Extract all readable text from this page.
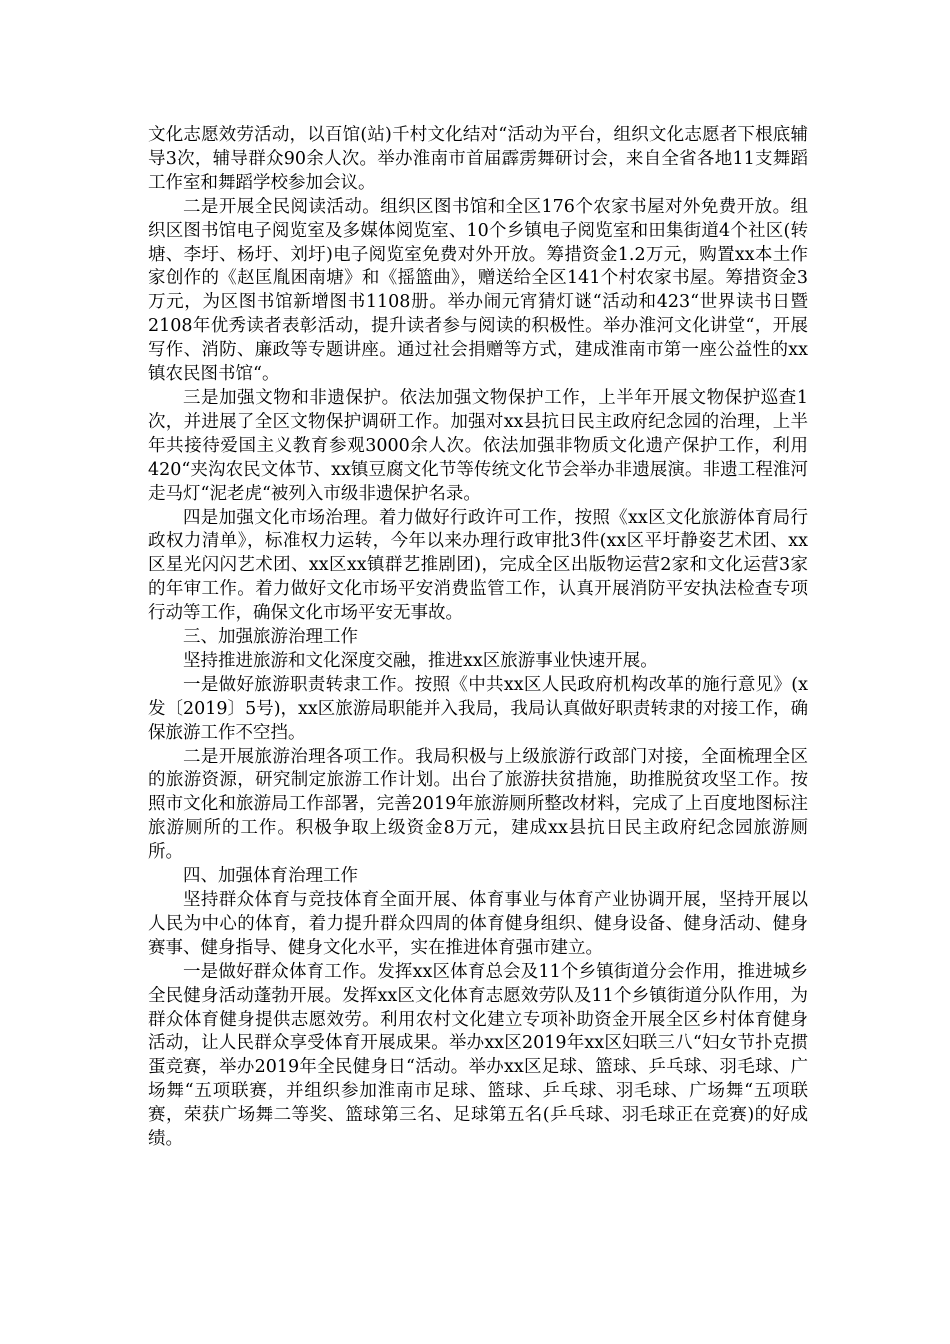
文化志愿效劳活动，以百馆(站)千村文化结对“活动为平台，组织文化志愿者下根底辅导3次，辅导群众90余人次。举办淮南市首届霹雳舞研讨会，来自全省各地11支舞蹈工作室和舞蹈学校参加会议。

二是开展全民阅读活动。组织区图书馆和全区176个农家书屋对外免费开放。组织区图书馆电子阅览室及多媒体阅览室、10个乡镇电子阅览室和田集街道4个社区(转塘、李圩、杨圩、刘圩)电子阅览室免费对外开放。筹措资金1.2万元，购置xx本土作家创作的《赵匡胤困南塘》和《摇篮曲》，赠送给全区141个村农家书屋。筹措资金3万元，为区图书馆新增图书1108册。举办闹元宵猜灯谜“活动和423“世界读书日暨2108年优秀读者表彰活动，提升读者参与阅读的积极性。举办淮河文化讲堂“，开展写作、消防、廉政等专题讲座。通过社会捐赠等方式，建成淮南市第一座公益性的xx镇农民图书馆“。

三是加强文物和非遗保护。依法加强文物保护工作，上半年开展文物保护巡查1次，并进展了全区文物保护调研工作。加强对xx县抗日民主政府纪念园的治理，上半年共接待爱国主义教育参观3000余人次。依法加强非物质文化遗产保护工作，利用420“夹沟农民文体节、xx镇豆腐文化节等传统文化节会举办非遗展演。非遗工程淮河走马灯“泥老虎“被列入市级非遗保护名录。

四是加强文化市场治理。着力做好行政许可工作，按照《xx区文化旅游体育局行政权力清单》，标准权力运转，今年以来办理行政审批3件(xx区平圩静姿艺术团、xx区星光闪闪艺术团、xx区xx镇群艺推剧团)，完成全区出版物运营2家和文化运营3家的年审工作。着力做好文化市场平安消费监管工作，认真开展消防平安执法检查专项行动等工作，确保文化市场平安无事故。

三、加强旅游治理工作

坚持推进旅游和文化深度交融，推进xx区旅游事业快速开展。

一是做好旅游职责转隶工作。按照《中共xx区人民政府机构改革的施行意见》(x发〔2019〕5号)，xx区旅游局职能并入我局，我局认真做好职责转隶的对接工作，确保旅游工作不空挡。

二是开展旅游治理各项工作。我局积极与上级旅游行政部门对接，全面梳理全区的旅游资源，研究制定旅游工作计划。出台了旅游扶贫措施，助推脱贫攻坚工作。按照市文化和旅游局工作部署，完善2019年旅游厕所整改材料，完成了上百度地图标注旅游厕所的工作。积极争取上级资金8万元，建成xx县抗日民主政府纪念园旅游厕所。

四、加强体育治理工作

坚持群众体育与竞技体育全面开展、体育事业与体育产业协调开展，坚持开展以人民为中心的体育，着力提升群众四周的体育健身组织、健身设备、健身活动、健身赛事、健身指导、健身文化水平，实在推进体育强市建立。

一是做好群众体育工作。发挥xx区体育总会及11个乡镇街道分会作用，推进城乡全民健身活动蓬勃开展。发挥xx区文化体育志愿效劳队及11个乡镇街道分队作用，为群众体育健身提供志愿效劳。利用农村文化建立专项补助资金开展全区乡村体育健身活动，让人民群众享受体育开展成果。举办xx区2019年xx区妇联三八“妇女节扑克掼蛋竞赛，举办2019年全民健身日“活动。举办xx区足球、篮球、乒乓球、羽毛球、广场舞“五项联赛，并组织参加淮南市足球、篮球、乒乓球、羽毛球、广场舞“五项联赛，荣获广场舞二等奖、篮球第三名、足球第五名(乒乓球、羽毛球正在竞赛)的好成绩。
